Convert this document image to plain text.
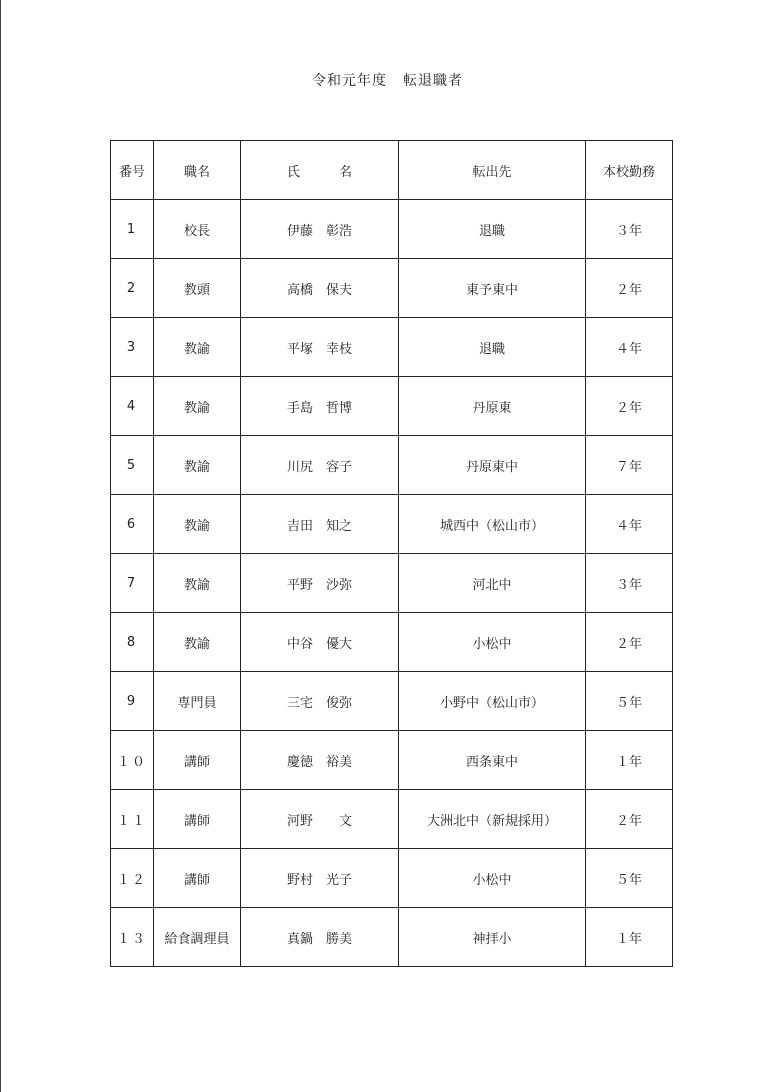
令和元年度 転退職者
番号	職名	氏　　　名	転出先	本校勤務
1	校長	伊藤　彰浩	退職	３年
2	教頭	高橋　保夫	東予東中	２年
3	教諭	平塚　幸枝	退職	４年
4	教諭	手島　哲博	丹原東	２年
5	教諭	川尻　容子	丹原東中	７年
6	教諭	吉田　知之	城西中（松山市）	４年
7	教諭	平野　沙弥	河北中	３年
8	教諭	中谷　優大	小松中	２年
9	専門員	三宅　俊弥	小野中（松山市）	５年
１０	講師	慶徳　裕美	西条東中	１年
１１	講師	河野　　文	大洲北中（新規採用）	２年
１２	講師	野村　光子	小松中	５年
１３	給食調理員	真鍋　勝美	神拝小	１年
